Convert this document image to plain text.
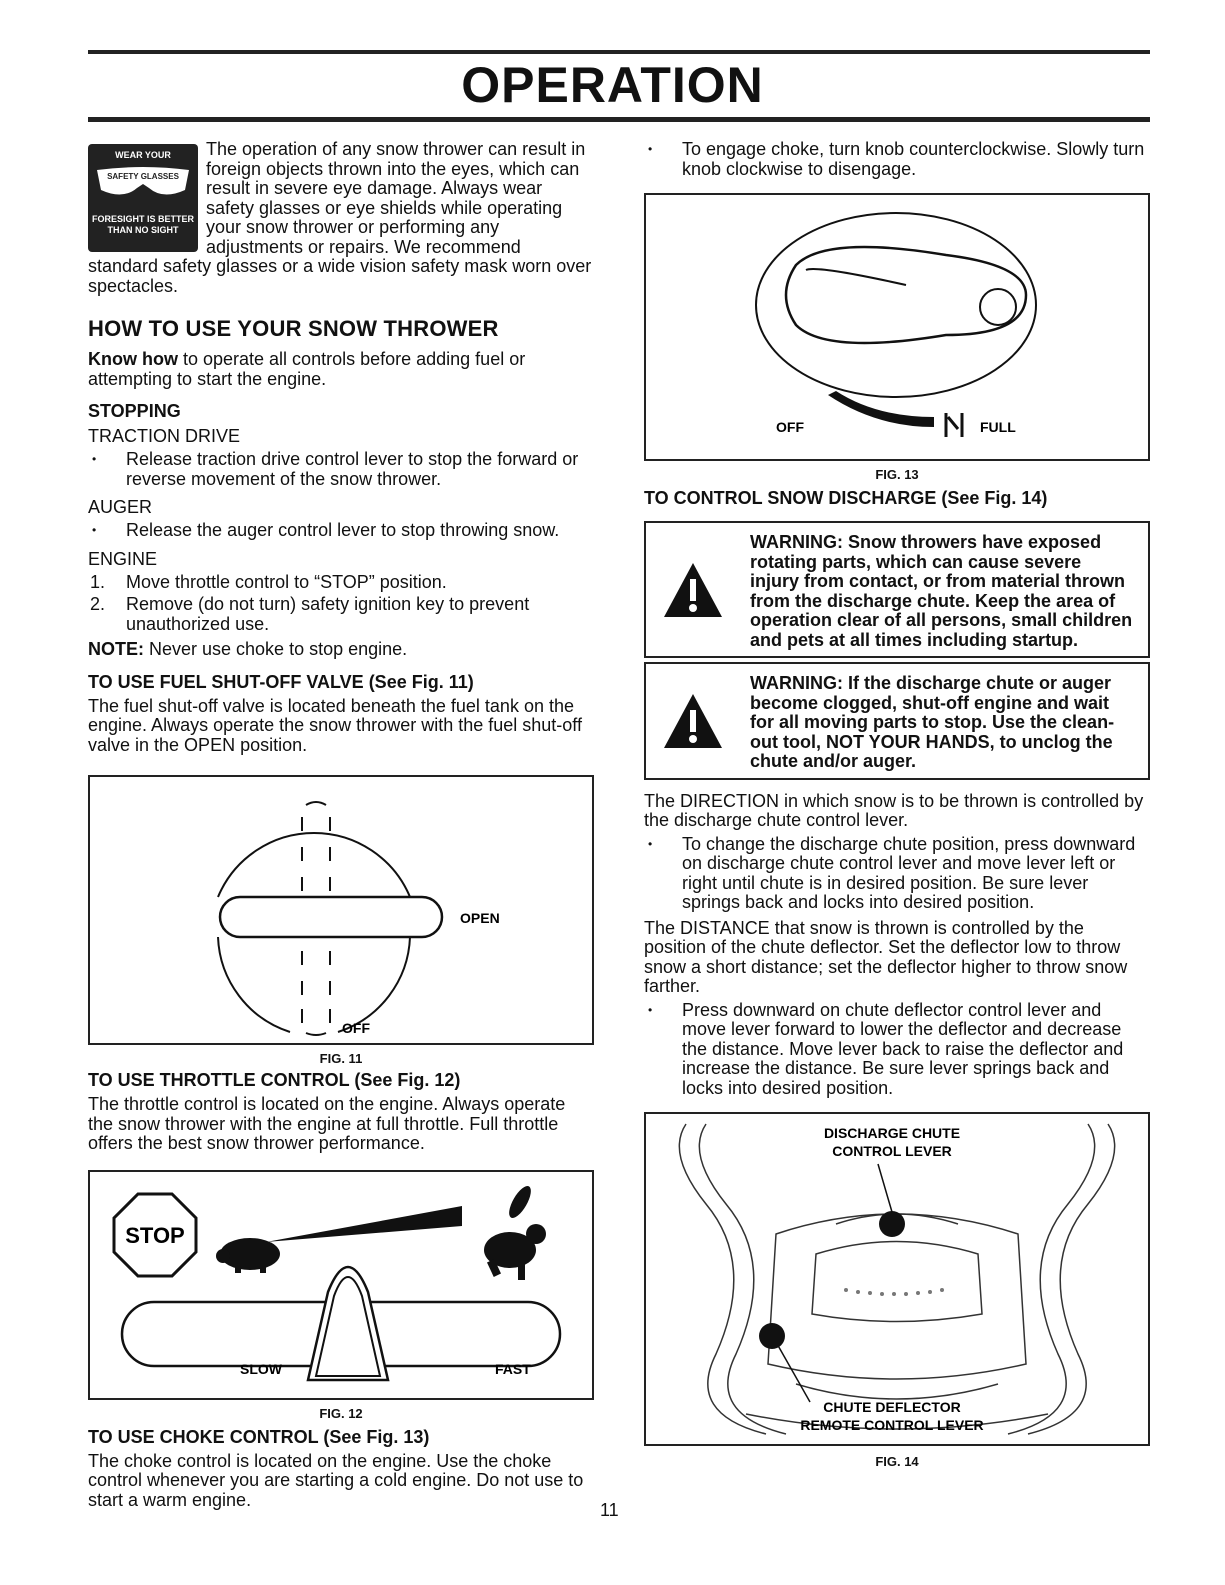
OPERATION
WEAR YOUR
SAFETY GLASSES
FORESIGHT IS BETTER
THAN NO SIGHT

The operation of any snow thrower can result in foreign objects thrown into the eyes, which can result in severe eye damage. Always wear safety glasses or eye shields while operating your snow thrower or performing any adjustments or repairs. We recommend standard safety glasses or a wide vision safety mask worn over spectacles.

HOW TO USE YOUR SNOW THROWER

Know how to operate all controls before adding fuel or attempting to start the engine.

STOPPING
TRACTION DRIVE
• Release traction drive control lever to stop the forward or reverse movement of the snow thrower.
AUGER
• Release the auger control lever to stop throwing snow.
ENGINE
1. Move throttle control to “STOP” position.
2. Remove (do not turn) safety ignition key to prevent unauthorized use.

NOTE: Never use choke to stop engine.

TO USE FUEL SHUT-OFF VALVE (See Fig. 11)

The fuel shut-off valve is located beneath the fuel tank on the engine. Always operate the snow thrower with the fuel shut-off valve in the OPEN position.

OPEN
OFF
FIG. 11
TO USE THROTTLE CONTROL (See Fig. 12)

The throttle control is located on the engine. Always operate the snow thrower with the engine at full throttle. Full throttle offers the best snow thrower performance.

STOP
SLOW	FAST
FIG. 12
TO USE CHOKE CONTROL (See Fig. 13)

The choke control is located on the engine. Use the choke control whenever you are starting a cold engine. Do not use to start a warm engine.

• To engage choke, turn knob counterclockwise. Slowly turn knob clockwise to disengage.
OFF	FULL
FIG. 13
TO CONTROL SNOW DISCHARGE (See Fig. 14)
WARNING: Snow throwers have exposed rotating parts, which can cause severe injury from contact, or from material thrown from the discharge chute. Keep the area of operation clear of all persons, small children and pets at all times including startup.
WARNING: If the discharge chute or auger become clogged, shut-off engine and wait for all moving parts to stop. Use the clean-out tool, NOT YOUR HANDS, to unclog the chute and/or auger.

The DIRECTION in which snow is to be thrown is controlled by the discharge chute control lever.

• To change the discharge chute position, press downward on discharge chute control lever and move lever left or right until chute is in desired position. Be sure lever springs back and locks into desired position.

The DISTANCE that snow is thrown is controlled by the position of the chute deflector. Set the deflector low to throw snow a short distance; set the deflector higher to throw snow farther.

• Press downward on chute deflector control lever and move lever forward to lower the deflector and decrease the distance. Move lever back to raise the deflector and increase the distance. Be sure lever springs back and locks into desired position.
DISCHARGE CHUTE
CONTROL LEVER
CHUTE DEFLECTOR
REMOTE CONTROL LEVER
FIG. 14
11
